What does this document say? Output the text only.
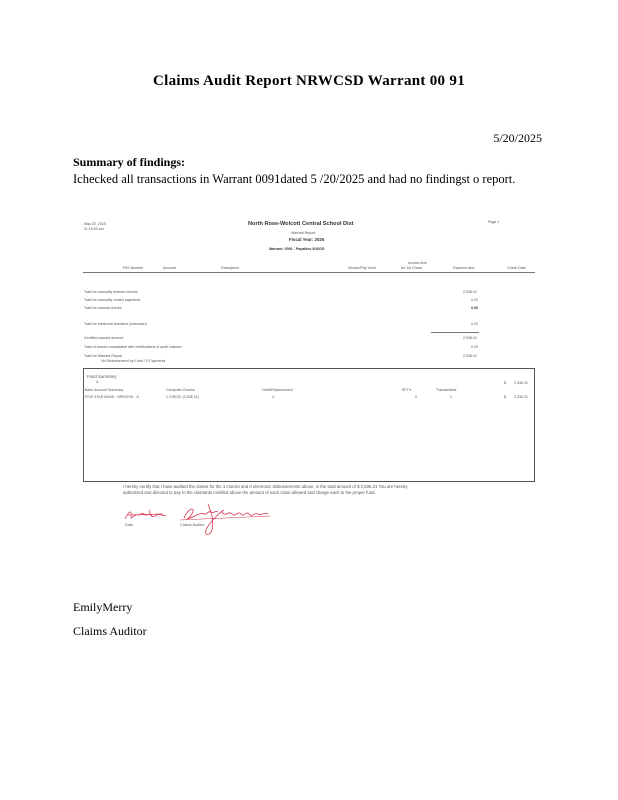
Claims Audit Report NRWCSD Warrant 00 91
5/20/2025
Summary of findings:
Ichecked all transactions in Warrant 0091dated 5 /20/2025 and had no findingst o report.
May 20, 2025
11:15:53 am
Page 1
North Rose-Wolcott Central School Dist
Warrant Report
Fiscal Year: 2025
Warrant: 0091 - Payables 5/20/25
Invoice Amt
PAY Number	Account	Description	Vendor/Pay Vend	for 1st Check	Payment Amt	Check Date
Total for manually entered checks	2,536.31
Total for manually voided payments	0.00
Total for manual checks	0.00
Total for electronic transfers (wires/ach)	0.00
Certified warrant amount	2,536.31
Total of checks unavailable with certifications of audit claimed	0.00
Total for Warrant Report	2,536.31
No Disbursement by Fund / E-Payments
Fund Summary
A	$ 2,536.31
Bank Account Summary	Computer Checks	Debit/Replacement	EFT's	Transactions
FIVE STAR BANK - NRWCSD - A	1 CHECK (2,536.31)	4	0	1	$ 2,536.31
I hereby certify that I have audited the claims for the 1 checks and 0 electronic disbursements above, in the total amount of $ 2,536.31 You are hereby authorized and directed to pay to the claimants certified above the amount of each claim allowed and charge each to the proper fund.
Date	Claims Auditor
EmilyMerry
Claims Auditor
